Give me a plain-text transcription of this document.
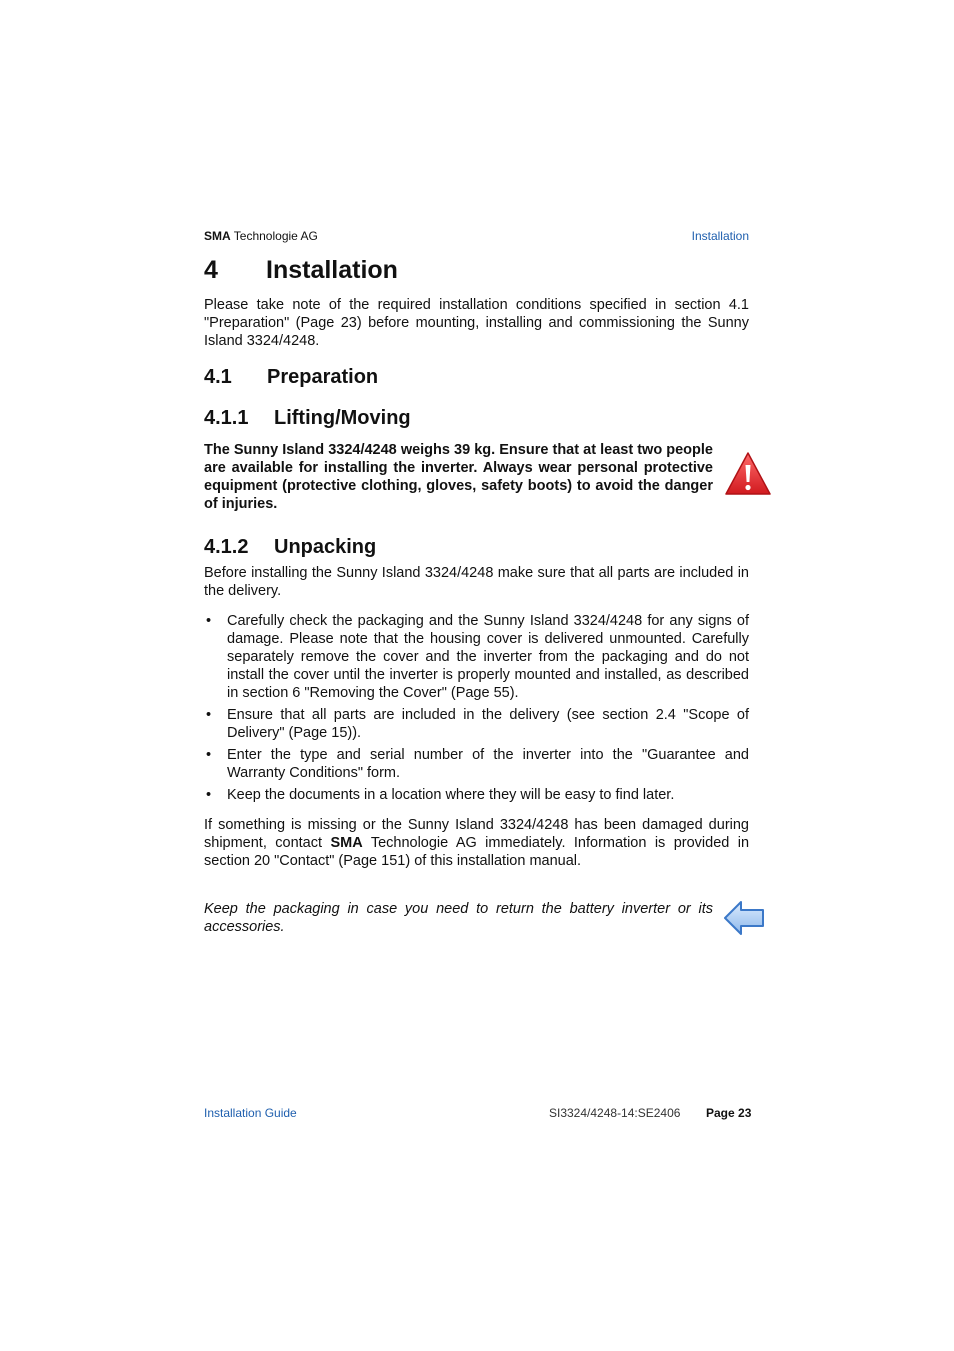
SMA Technologie AG	Installation
4 Installation

Please take note of the required installation conditions specified in section 4.1 "Preparation" (Page 23) before mounting, installing and commissioning the Sunny Island 3324/4248.

4.1 Preparation
4.1.1 Lifting/Moving

The Sunny Island 3324/4248 weighs 39 kg. Ensure that at least two people are available for installing the inverter. Always wear personal protective equipment (protective clothing, gloves, safety boots) to avoid the danger of injuries.

4.1.2 Unpacking

Before installing the Sunny Island 3324/4248 make sure that all parts are included in the delivery.

• Carefully check the packaging and the Sunny Island 3324/4248 for any signs of damage. Please note that the housing cover is delivered unmounted. Carefully separately remove the cover and the inverter from the packaging and do not install the cover until the inverter is properly mounted and installed, as described in section 6 "Removing the Cover" (Page 55).
• Ensure that all parts are included in the delivery (see section 2.4 "Scope of Delivery" (Page 15)).
• Enter the type and serial number of the inverter into the "Guarantee and Warranty Conditions" form.
• Keep the documents in a location where they will be easy to find later.

If something is missing or the Sunny Island 3324/4248 has been damaged during shipment, contact SMA Technologie AG immediately. Information is provided in section 20 "Contact" (Page 151) of this installation manual.

Keep the packaging in case you need to return the battery inverter or its accessories.

Installation Guide	SI3324/4248-14:SE2406 Page 23
